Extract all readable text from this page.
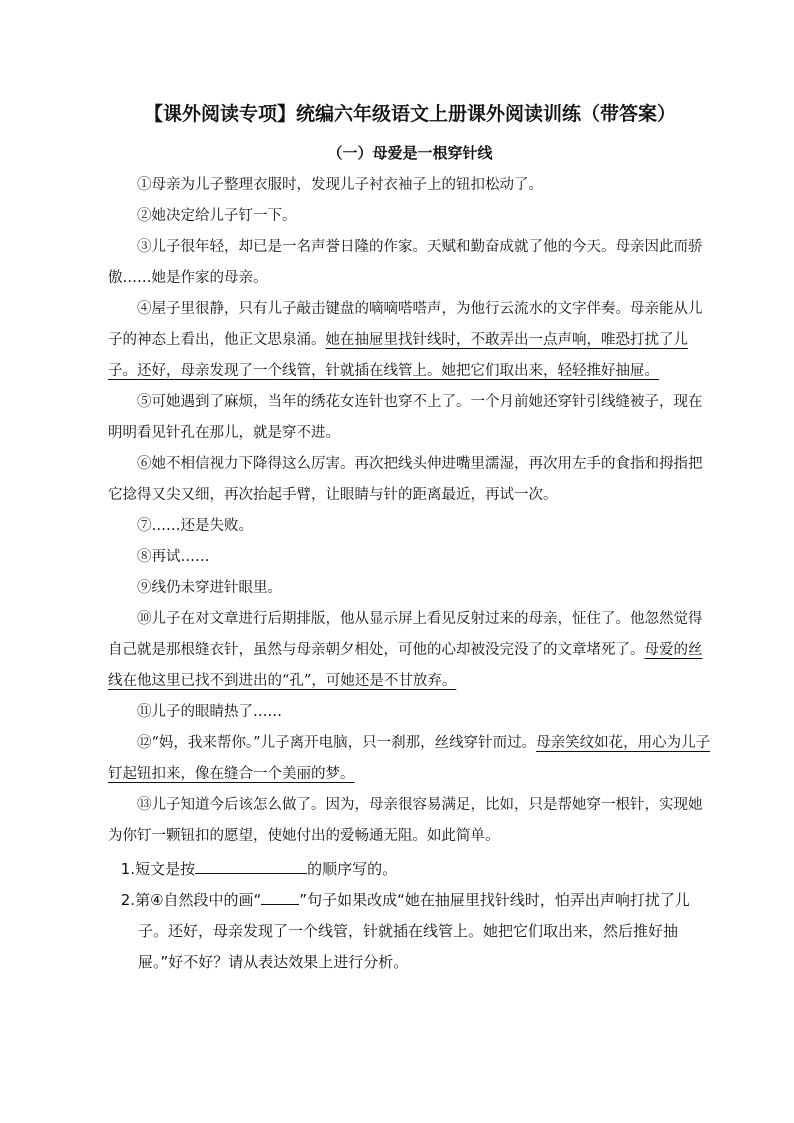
【课外阅读专项】统编六年级语文上册课外阅读训练（带答案）
（一）母爱是一根穿针线

①母亲为儿子整理衣服时，发现儿子衬衣袖子上的钮扣松动了。

②她决定给儿子钉一下。

③儿子很年轻，却已是一名声誉日隆的作家。天赋和勤奋成就了他的今天。母亲因此而骄傲……她是作家的母亲。

④屋子里很静，只有儿子敲击键盘的嘀嘀嗒嗒声，为他行云流水的文字伴奏。母亲能从儿子的神态上看出，他正文思泉涌。她在抽屉里找针线时，不敢弄出一点声响，唯恐打扰了儿子。还好，母亲发现了一个线管，针就插在线管上。她把它们取出来，轻轻推好抽屉。

⑤可她遇到了麻烦，当年的绣花女连针也穿不上了。一个月前她还穿针引线缝被子，现在明明看见针孔在那儿，就是穿不进。

⑥她不相信视力下降得这么厉害。再次把线头伸进嘴里濡湿，再次用左手的食指和拇指把它捻得又尖又细，再次抬起手臂，让眼睛与针的距离最近，再试一次。

⑦……还是失败。

⑧再试……

⑨线仍未穿进针眼里。

⑩儿子在对文章进行后期排版，他从显示屏上看见反射过来的母亲，怔住了。他忽然觉得自己就是那根缝衣针，虽然与母亲朝夕相处，可他的心却被没完没了的文章堵死了。母爱的丝线在他这里已找不到进出的“孔”，可她还是不甘放弃。

⑪儿子的眼睛热了……

⑫“妈，我来帮你。”儿子离开电脑，只一刹那，丝线穿针而过。母亲笑纹如花，用心为儿子钉起钮扣来，像在缝合一个美丽的梦。

⑬儿子知道今后该怎么做了。因为，母亲很容易满足，比如，只是帮她穿一根针，实现她为你钉一颗钮扣的愿望，使她付出的爱畅通无阻。如此简单。

1.短文是按	的顺序写的。

2.第④自然段中的画“	”句子如果改成“她在抽屉里找针线时，怕弄出声响打扰了儿子。还好，母亲发现了一个线管，针就插在线管上。她把它们取出来，然后推好抽屉。”好不好？请从表达效果上进行分析。
